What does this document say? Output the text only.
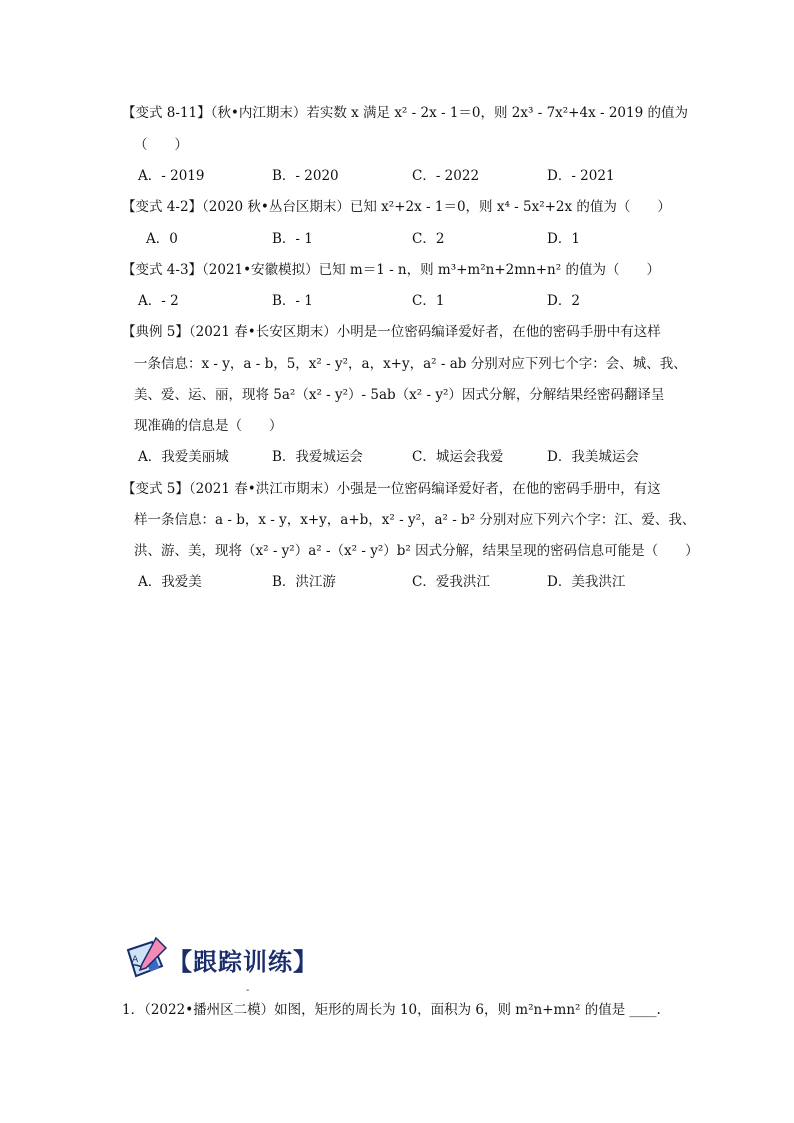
【变式 8-11】（秋•内江期末）若实数 x 满足 x² - 2x - 1＝0，则 2x³ - 7x²+4x - 2019 的值为
（　　）
A．- 2019	B．- 2020	C．- 2022	D．- 2021
【变式 4-2】（2020 秋•丛台区期末）已知 x²+2x - 1＝0，则 x⁴ - 5x²+2x 的值为（　　）
A．0	B．- 1	C．2	D．1
【变式 4-3】（2021•安徽模拟）已知 m＝1 - n，则 m³+m²n+2mn+n² 的值为（　　）
A．- 2	B．- 1	C．1	D．2
【典例 5】（2021 春•长安区期末）小明是一位密码编译爱好者，在他的密码手册中有这样
一条信息：x - y，a - b，5，x² - y²，a，x+y，a² - ab 分别对应下列七个字：会、城、我、
美、爱、运、丽，现将 5a²（x² - y²）- 5ab（x² - y²）因式分解，分解结果经密码翻译呈
现准确的信息是（　　）
A．我爱美丽城	B．我爱城运会	C．城运会我爱	D．我美城运会
【变式 5】（2021 春•洪江市期末）小强是一位密码编译爱好者，在他的密码手册中，有这
样一条信息：a - b，x - y，x+y，a+b，x² - y²，a² - b² 分别对应下列六个字：江、爱、我、
洪、游、美，现将（x² - y²）a² -（x² - y²）b² 因式分解，结果呈现的密码信息可能是（　　）
A．我爱美	B．洪江游	C．爱我洪江	D．美我洪江
A 【跟踪训练】
-
1．（2022•播州区二模）如图，矩形的周长为 10，面积为 6，则 m²n+mn² 的值是 ____.
